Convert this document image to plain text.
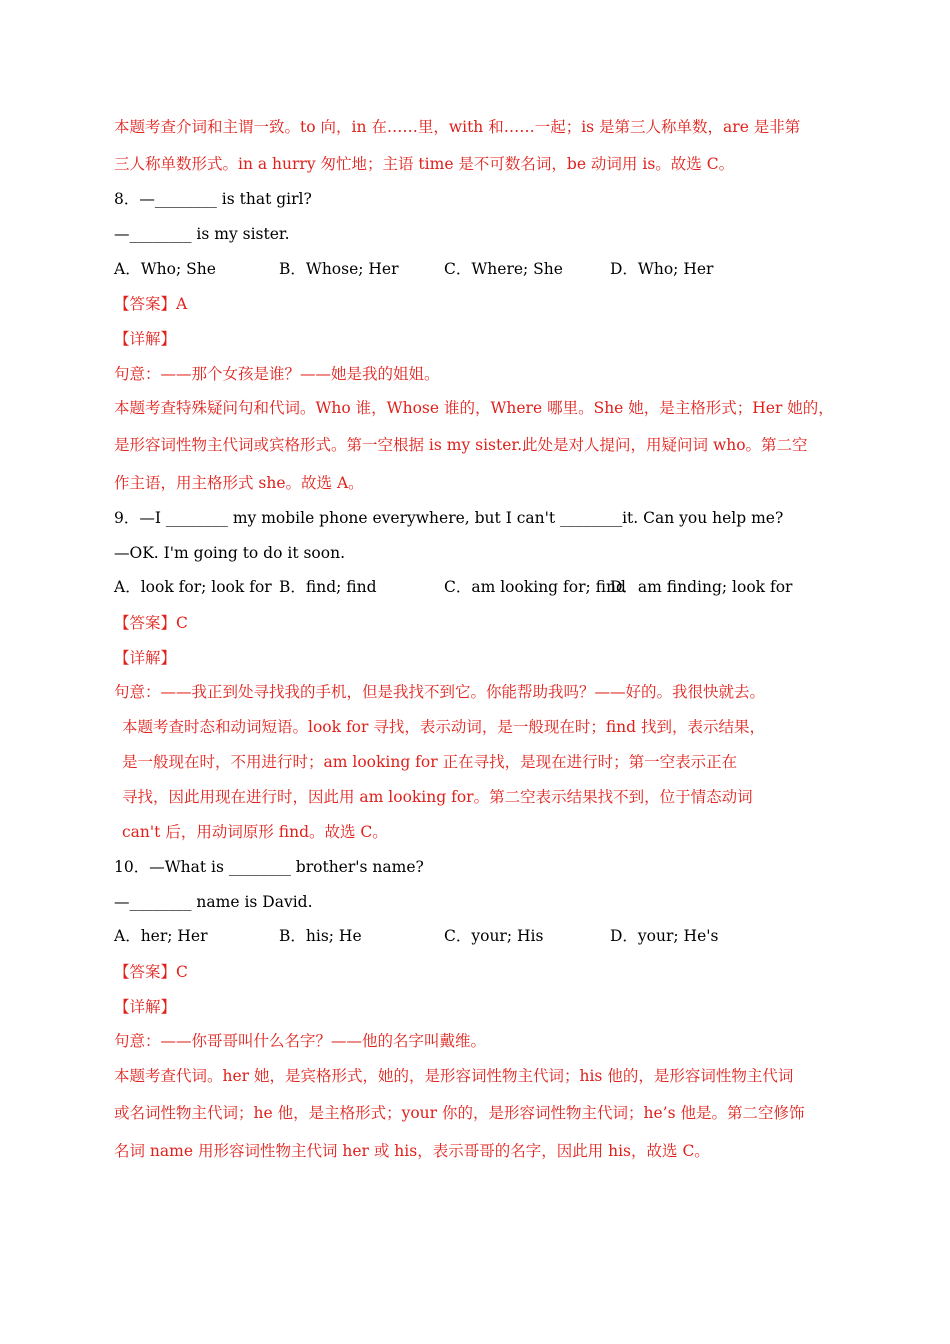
本题考查介词和主谓一致。to 向，in 在……里，with 和……一起；is 是第三人称单数，are 是非第
三人称单数形式。in a hurry 匆忙地；主语 time 是不可数名词，be 动词用 is。故选 C。
8．—________ is that girl?
—________ is my sister.
A．Who; She	B．Whose; Her	C．Where; She	D．Who; Her
【答案】A
【详解】
句意：——那个女孩是谁？——她是我的姐姐。
本题考查特殊疑问句和代词。Who 谁，Whose 谁的，Where 哪里。She 她，是主格形式；Her 她的，
是形容词性物主代词或宾格形式。第一空根据 is my sister.此处是对人提问，用疑问词 who。第二空
作主语，用主格形式 she。故选 A。
9．—I ________ my mobile phone everywhere, but I can't ________it. Can you help me?
—OK. I'm going to do it soon.
A．look for; look for B．find; find	C．am looking for; find
D．am finding; look for
【答案】C
【详解】
句意：——我正到处寻找我的手机，但是我找不到它。你能帮助我吗？——好的。我很快就去。
本题考查时态和动词短语。look for 寻找，表示动词，是一般现在时；find 找到，表示结果，
是一般现在时，不用进行时；am looking for 正在寻找，是现在进行时；第一空表示正在
寻找，因此用现在进行时，因此用 am looking for。第二空表示结果找不到，位于情态动词
can't 后，用动词原形 find。故选 C。
10．—What is ________ brother's name?
—________ name is David.
A．her; Her	B．his; He	C．your; His	D．your; He's
【答案】C
【详解】
句意：——你哥哥叫什么名字？——他的名字叫戴维。
本题考查代词。her 她，是宾格形式，她的，是形容词性物主代词；his 他的，是形容词性物主代词
或名词性物主代词；he 他，是主格形式；your 你的，是形容词性物主代词；he’s 他是。第二空修饰
名词 name 用形容词性物主代词 her 或 his，表示哥哥的名字，因此用 his，故选 C。
